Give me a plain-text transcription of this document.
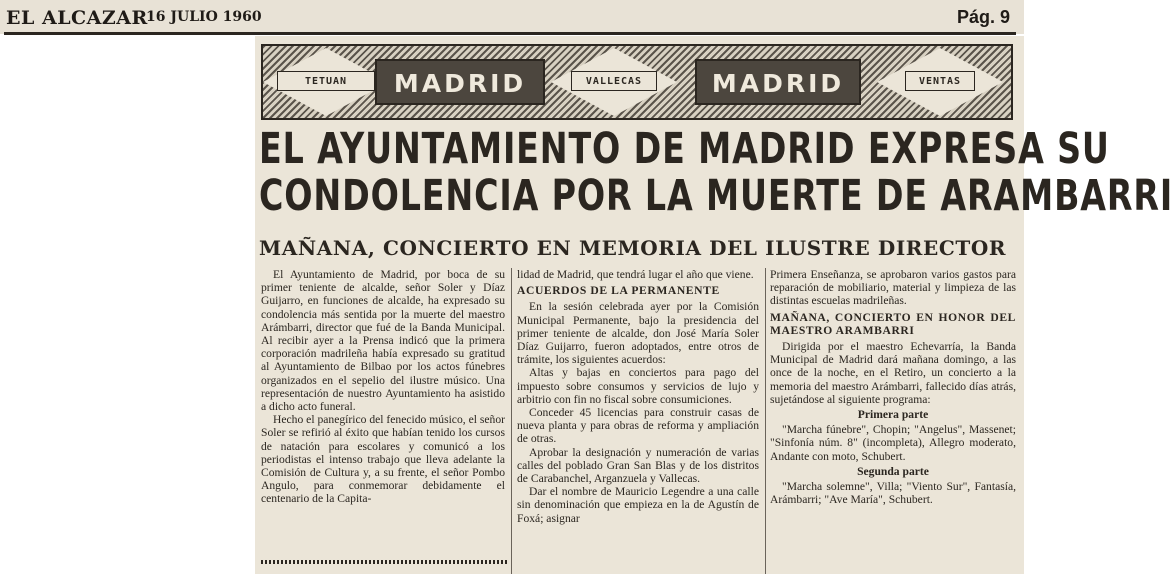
EL ALCAZAR
16 JULIO 1960	Pág. 9
TETUAN	MADRID	VALLECAS	MADRID	VENTAS
EL AYUNTAMIENTO DE MADRID EXPRESA SU
CONDOLENCIA POR LA MUERTE DE ARAMBARRI
MAÑANA, CONCIERTO EN MEMORIA DEL ILUSTRE DIRECTOR

El Ayuntamiento de Madrid, por boca de su primer teniente de alcalde, señor Soler y Díaz Guijarro, en funciones de alcalde, ha expresado su condolencia más sentida por la muerte del maestro Arámbarri, director que fué de la Banda Municipal. Al recibir ayer a la Prensa indicó que la primera corporación madrileña había expresado su gratitud al Ayuntamiento de Bilbao por los actos fúnebres organizados en el sepelio del ilustre músico. Una representación de nuestro Ayuntamiento ha asistido a dicho acto funeral.

Hecho el panegírico del fenecido músico, el señor Soler se refirió al éxito que habían tenido los cursos de natación para escolares y comunicó a los periodistas el intenso trabajo que lleva adelante la Comisión de Cultura y, a su frente, el señor Pombo Angulo, para conmemorar debidamente el centenario de la Capita-

lidad de Madrid, que tendrá lugar el año que viene.

ACUERDOS DE LA PERMANENTE

En la sesión celebrada ayer por la Comisión Municipal Permanente, bajo la presidencia del primer teniente de alcalde, don José María Soler Díaz Guijarro, fueron adoptados, entre otros de trámite, los siguientes acuerdos:

Altas y bajas en conciertos para pago del impuesto sobre consumos y servicios de lujo y arbitrio con fin no fiscal sobre consumiciones.

Conceder 45 licencias para construir casas de nueva planta y para obras de reforma y ampliación de otras.

Aprobar la designación y numeración de varias calles del poblado Gran San Blas y de los distritos de Carabanchel, Arganzuela y Vallecas.

Dar el nombre de Mauricio Legendre a una calle sin denominación que empieza en la de Agustín de Foxá; asignar

Primera Enseñanza, se aprobaron varios gastos para reparación de mobiliario, material y limpieza de las distintas escuelas madrileñas.

MAÑANA, CONCIERTO EN HONOR DEL MAESTRO ARAMBARRI

Dirigida por el maestro Echevarría, la Banda Municipal de Madrid dará mañana domingo, a las once de la noche, en el Retiro, un concierto a la memoria del maestro Arámbarri, fallecido días atrás, sujetándose al siguiente programa:

Primera parte

"Marcha fúnebre", Chopin; "Angelus", Massenet; "Sinfonía núm. 8" (incompleta), Allegro moderato, Andante con moto, Schubert.

Segunda parte

"Marcha solemne", Villa; "Viento Sur", Fantasía, Arámbarri; "Ave María", Schubert.
